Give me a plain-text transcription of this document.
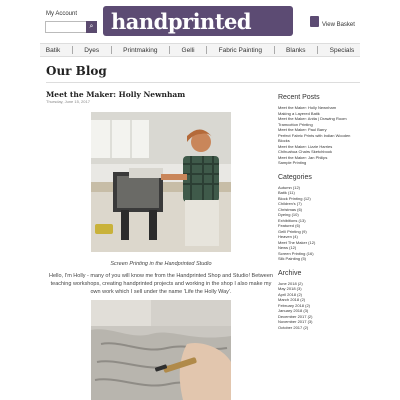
My Account
⌕ handprinted	View Basket
Batik	Dyes	Printmaking	Gelli	Fabric Painting	Blanks	Specials
Our Blog
Meet the Maker: Holly Newnham
Thursday, June 15, 2017
Screen Printing in the Handprinted Studio
Hello, I'm Holly - many of you will know me from the Handprinted Shop and Studio! Between teaching workshops, creating handprinted projects and working in the shop I also make my own work which I sell under the name 'Life the Holly Way'.
Recent Posts
Meet the Maker: Holly Newnham
Making a Layered Batik
Meet the Maker: Anita | Drawing Room
Tramcotton Printing
Meet the Maker: Paul Barry
Perfect Fabric Prints with Indian Wooden Blocks
Meet the Maker: Lizzie Harries
Chihuahua Chairs Sketchbook
Meet the Maker: Jan Philips
Sample Printing
Categories
Autumn (12)
Batik (11)
Block Printing (12)
Children's (7)
Christmas (6)
Dyeing (10)
Exhibitions (13)
Featured (6)
Gelli Printing (9)
Heaven (4)
Meet The Maker (12)
News (12)
Screen Printing (16)
Silk Painting (5)
Archive
June 2018 (2)
May 2018 (3)
April 2018 (2)
March 2018 (2)
February 2018 (2)
January 2018 (3)
December 2017 (2)
November 2017 (3)
October 2017 (2)
